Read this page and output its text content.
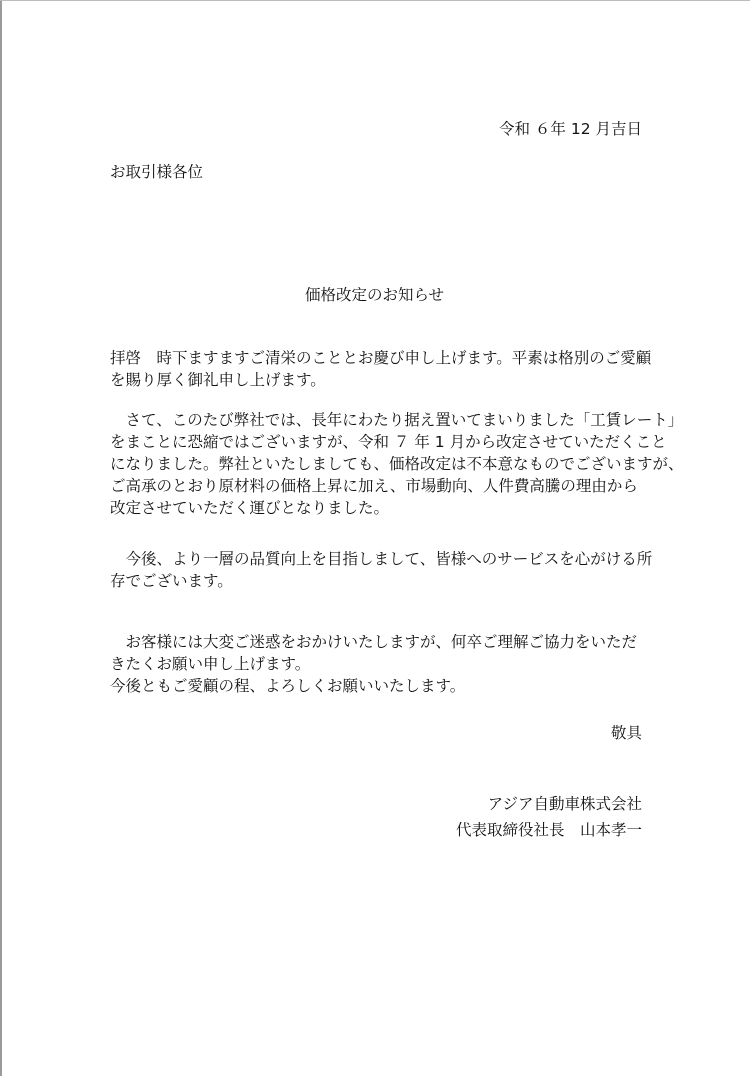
令和 ６年 12 月吉日
お取引様各位
価格改定のお知らせ
拝啓　時下ますますご清栄のこととお慶び申し上げます。平素は格別のご愛顧
を賜り厚く御礼申し上げます。
　さて、このたび弊社では、長年にわたり据え置いてまいりました「工賃レート」
をまことに恐縮ではございますが、令和 ７ 年 1 月から改定させていただくこと
になりました。弊社といたしましても、価格改定は不本意なものでございますが、
ご高承のとおり原材料の価格上昇に加え、市場動向、人件費高騰の理由から
改定させていただく運びとなりました。
　今後、より一層の品質向上を目指しまして、皆様へのサービスを心がける所
存でございます。
　お客様には大変ご迷惑をおかけいたしますが、何卒ご理解ご協力をいただ
きたくお願い申し上げます。
今後ともご愛顧の程、よろしくお願いいたします。
敬具
アジア自動車株式会社
代表取締役社長　山本孝一
